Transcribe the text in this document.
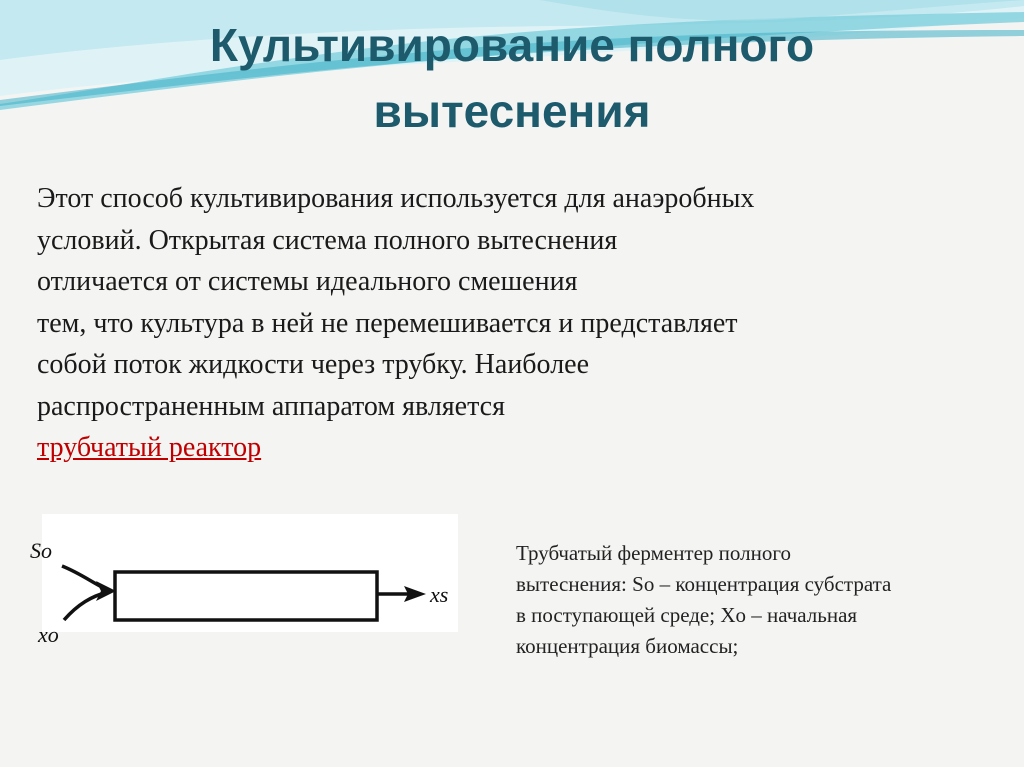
Культивирование полного
вытеснения

Этот способ культивирования используется для анаэробных
условий. Открытая система полного вытеснения
отличается от системы идеального смешения
тем, что культура в ней не перемешивается и представляет
собой поток жидкости через трубку. Наиболее
распространенным аппаратом является
трубчатый реактор

So
xo
xs

Трубчатый ферментер полного
вытеснения: So – концентрация субстрата
в поступающей среде; Xo – начальная
концентрация биомассы;
